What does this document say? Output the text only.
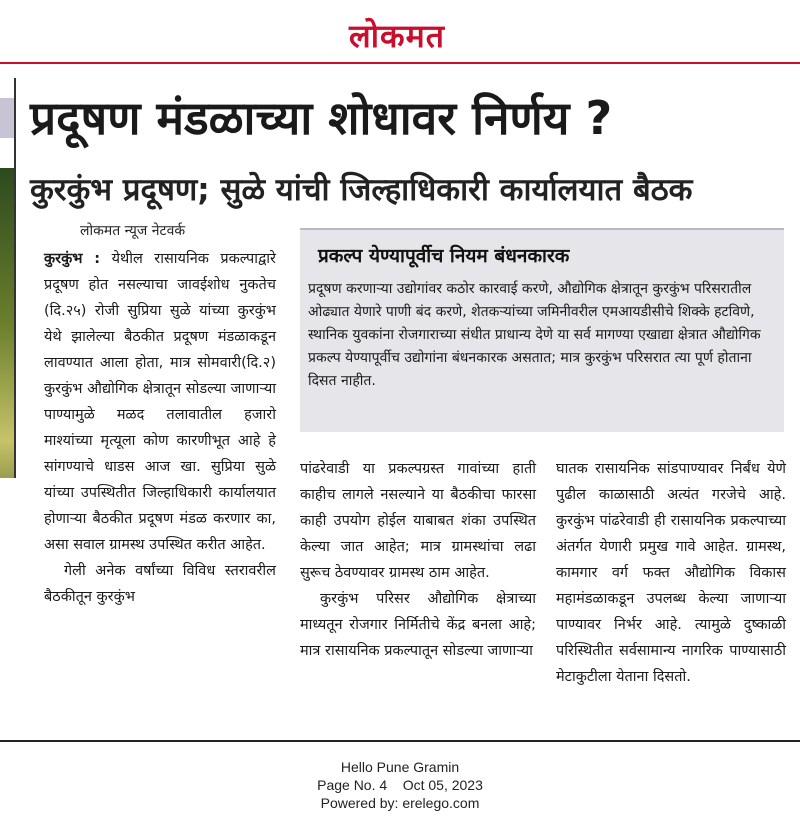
लोकमत
प्रदूषण मंडळाच्या शोधावर निर्णय ?
कुरकुंभ प्रदूषण; सुळे यांची जिल्हाधिकारी कार्यालयात बैठक
लोकमत न्यूज नेटवर्क

कुरकुंभ : येथील रासायनिक प्रकल्पाद्वारे प्रदूषण होत नसल्याचा जावईशोध नुकतेच (दि.२५) रोजी सुप्रिया सुळे यांच्या कुरकुंभ येथे झालेल्या बैठकीत प्रदूषण मंडळाकडून लावण्यात आला होता, मात्र सोमवारी(दि.२) कुरकुंभ औद्योगिक क्षेत्रातून सोडल्या जाणाऱ्या पाण्यामुळे मळद तलावातील हजारो माश्यांच्या मृत्यूला कोण कारणीभूत आहे हे सांगण्याचे धाडस आज खा. सुप्रिया सुळे यांच्या उपस्थितीत जिल्हाधिकारी कार्यालयात होणाऱ्या बैठकीत प्रदूषण मंडळ करणार का, असा सवाल ग्रामस्थ उपस्थित करीत आहेत.

गेली अनेक वर्षांच्या विविध स्तरावरील बैठकीतून कुरकुंभ

प्रकल्प येण्यापूर्वीच नियम बंधनकारक
प्रदूषण करणाऱ्या उद्योगांवर कठोर कारवाई करणे, औद्योगिक क्षेत्रातून कुरकुंभ परिसरातील ओढ्यात येणारे पाणी बंद करणे, शेतकऱ्यांच्या जमिनीवरील एमआयडीसीचे शिक्के हटविणे, स्थानिक युवकांना रोजगाराच्या संधीत प्राधान्य देणे या सर्व मागण्या एखाद्या क्षेत्रात औद्योगिक प्रकल्प येण्यापूर्वीच उद्योगांना बंधनकारक असतात; मात्र कुरकुंभ परिसरात त्या पूर्ण होताना दिसत नाहीत.

पांढरेवाडी या प्रकल्पग्रस्त गावांच्या हाती काहीच लागले नसल्याने या बैठकीचा फारसा काही उपयोग होईल याबाबत शंका उपस्थित केल्या जात आहेत; मात्र ग्रामस्थांचा लढा सुरूच ठेवण्यावर ग्रामस्थ ठाम आहेत.

कुरकुंभ परिसर औद्योगिक क्षेत्राच्या माध्यतून रोजगार निर्मितीचे केंद्र बनला आहे; मात्र रासायनिक प्रकल्पातून सोडल्या जाणाऱ्या

घातक रासायनिक सांडपाण्यावर निर्बंध येणे पुढील काळासाठी अत्यंत गरजेचे आहे. कुरकुंभ पांढरेवाडी ही रासायनिक प्रकल्पाच्या अंतर्गत येणारी प्रमुख गावे आहेत. ग्रामस्थ, कामगार वर्ग फक्त औद्योगिक विकास महामंडळाकडून उपलब्ध केल्या जाणाऱ्या पाण्यावर निर्भर आहे. त्यामुळे दुष्काळी परिस्थितीत सर्वसामान्य नागरिक पाण्यासाठी मेटाकुटीला येताना दिसतो.

Hello Pune Gramin
Page No. 4    Oct 05, 2023
Powered by: erelego.com
